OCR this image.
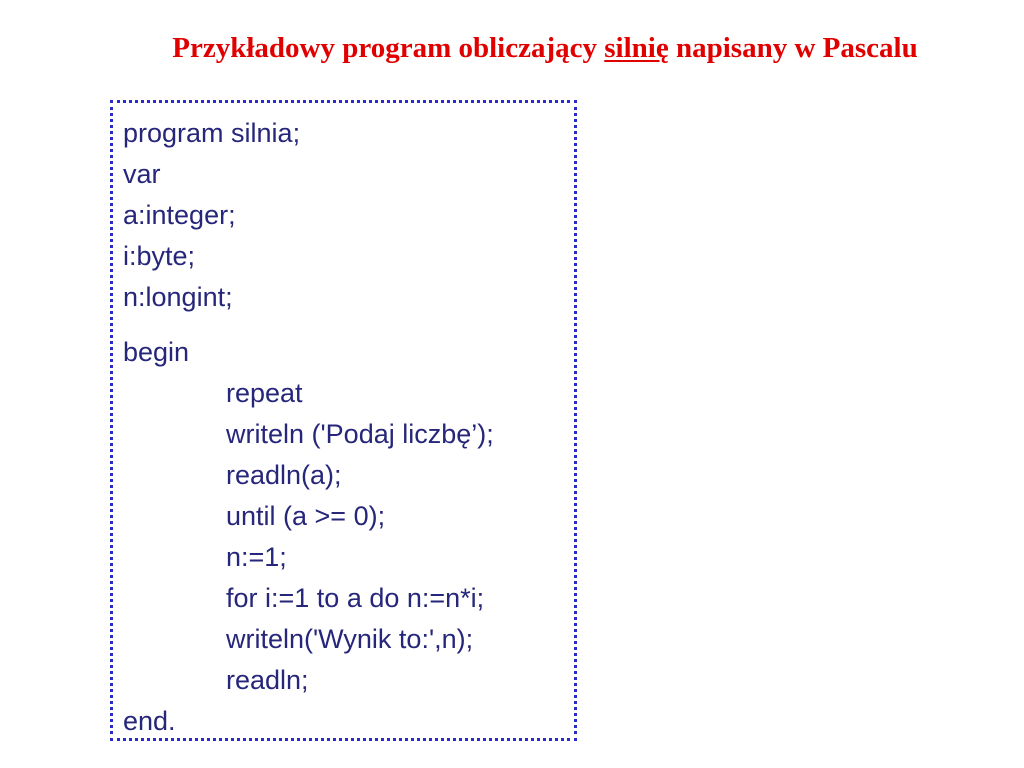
Przykładowy program obliczający silnię napisany w Pascalu
program silnia;
var
a:integer;
i:byte;
n:longint;
begin
repeat
writeln ('Podaj liczbę’);
readln(a);
until (a >= 0);
n:=1;
for i:=1 to a do n:=n*i;
writeln('Wynik to:',n);
readln;
end.
